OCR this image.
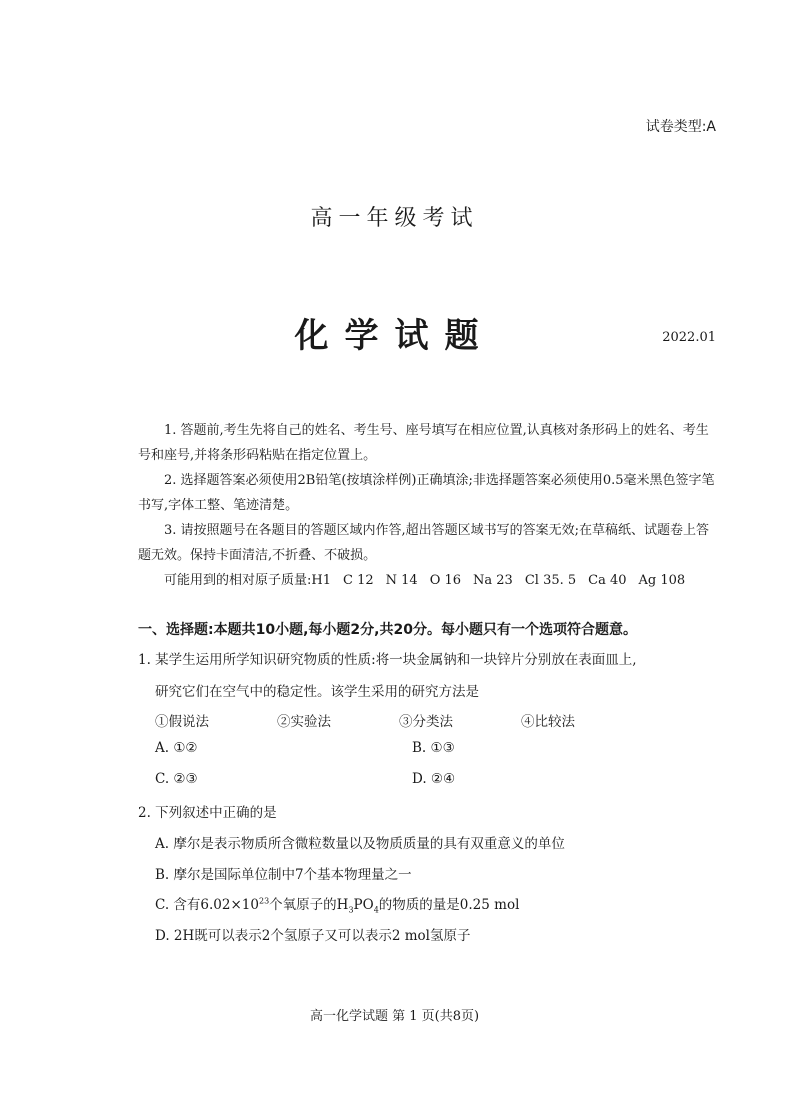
试卷类型:A
高一年级考试
化学试题	2022.01

1. 答题前,考生先将自己的姓名、考生号、座号填写在相应位置,认真核对条形码上的姓名、考生号和座号,并将条形码粘贴在指定位置上。

2. 选择题答案必须使用2B铅笔(按填涂样例)正确填涂;非选择题答案必须使用0.5毫米黑色签字笔书写,字体工整、笔迹清楚。

3. 请按照题号在各题目的答题区域内作答,超出答题区域书写的答案无效;在草稿纸、试题卷上答题无效。保持卡面清洁,不折叠、不破损。

可能用到的相对原子质量:H1 C 12 N 14 O 16 Na 23 Cl 35. 5 Ca 40 Ag 108

一、选择题:本题共10小题,每小题2分,共20分。每小题只有一个选项符合题意。
1. 某学生运用所学知识研究物质的性质:将一块金属钠和一块锌片分别放在表面皿上,
研究它们在空气中的稳定性。该学生采用的研究方法是
①假说法	②实验法	③分类法	④比较法
A. ①②	B. ①③
C. ②③	D. ②④
2. 下列叙述中正确的是
A. 摩尔是表示物质所含微粒数量以及物质质量的具有双重意义的单位
B. 摩尔是国际单位制中7个基本物理量之一
C. 含有$6.02\times 10^{23}$个氧原子的$H_3PO_4$的物质的量是0.25 mol
D. 2H既可以表示2个氢原子又可以表示2 mol氢原子
高一化学试题 第 1 页(共8页)
